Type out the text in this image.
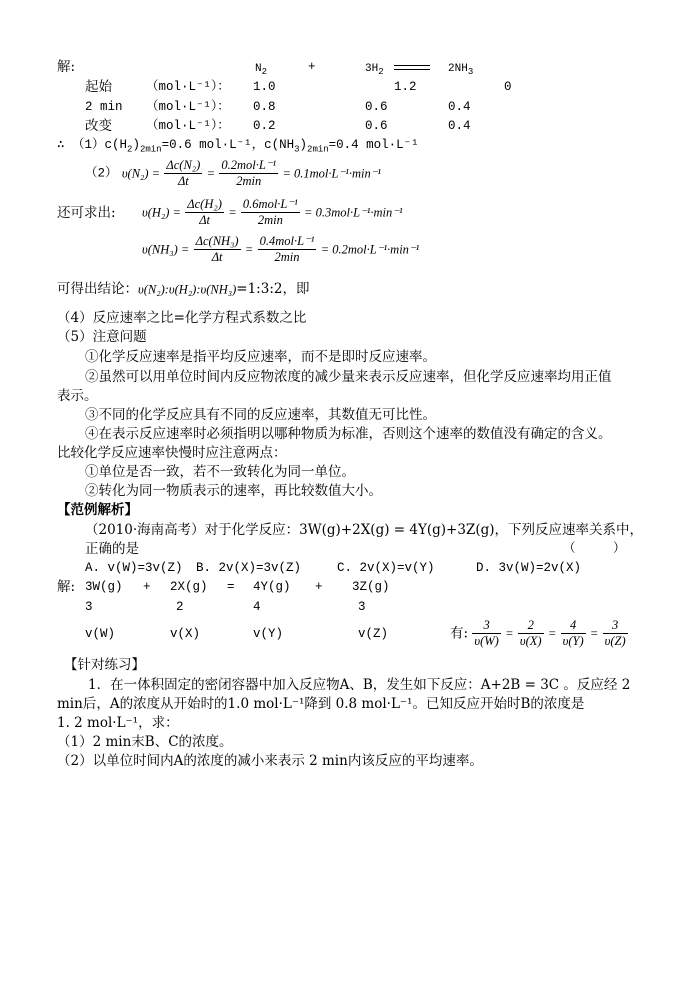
解:	$N_2$	+	$3H_2$	$2NH_3$
起始	（mol·L⁻¹）： 1.0	1.2	0
2 min （mol·L⁻¹）： 0.8	0.6	0.4
改变	（mol·L⁻¹）： 0.2	0.6	0.4
∴ $(1)c(H_2)_{2min}=0.6$ mol·L⁻¹，$c(NH_3)_{2min}=0.4$ mol·L⁻¹
（2） $\upsilon(N_2) = \frac{\text{Δc(N₂)}}{\Delta t} = \frac{\text{0.2mol·L⁻¹}}{2\min} = 0.1mol\cdot L^{-1}\cdot\min^{-1}$
还可求出: $\upsilon(H_2) = \frac{\text{Δc(H₂)}}{\Delta t} = \frac{\text{0.6mol·L⁻¹}}{2\min} = 0.3mol\cdot L^{-1}\cdot\min^{-1}$
$\upsilon(NH_3) = \frac{\text{Δc(NH₃)}}{\Delta t} = \frac{\text{0.4mol·L⁻¹}}{2\min} = 0.2mol\cdot L^{-1}\cdot\min^{-1}$
可得出结论：υ(N₂):υ(H₂):υ(NH₃)=1:3:2，即
（4）反应速率之比=化学方程式系数之比
（5）注意问题
①化学反应速率是指平均反应速率，而不是即时反应速率。
②虽然可以用单位时间内反应物浓度的减少量来表示反应速率，但化学反应速率均用正值
表示。
③不同的化学反应具有不同的反应速率，其数值无可比性。
④在表示反应速率时必须指明以哪种物质为标准，否则这个速率的数值没有确定的含义。
比较化学反应速率快慢时应注意两点：
①单位是否一致，若不一致转化为同一单位。
②转化为同一物质表示的速率，再比较数值大小。
【范例解析】
（2010·海南高考）对于化学反应：3W(g)+2X(g) = 4Y(g)+3Z(g)，下列反应速率关系中，
正确的是	（　　　）
A. v(W)=3v(Z) B. 2v(X)=3v(Z)	C. 2v(X)=v(Y)	D. 3v(W)=2v(X)
解: 3W(g) + 2X(g) = 4Y(g) + 3Z(g)
3	2	4	3
v(W)	v(X)	v(Y)	v(Z)	有: $\frac{3}{\upsilon(W)} = \frac{2}{\upsilon(X)} = \frac{4}{\upsilon(Y)} = \frac{3}{\upsilon(Z)}$
【针对练习】
1．在一体积固定的密闭容器中加入反应物A、B，发生如下反应：A+2B = 3C 。反应经 2
min后，A的浓度从开始时的1.0 mol·L⁻¹降到 0.8 mol·L⁻¹。已知反应开始时B的浓度是
1. 2 mol·L⁻¹，求：
（1）2 min末B、C的浓度。
（2）以单位时间内A的浓度的减小来表示 2 min内该反应的平均速率。
